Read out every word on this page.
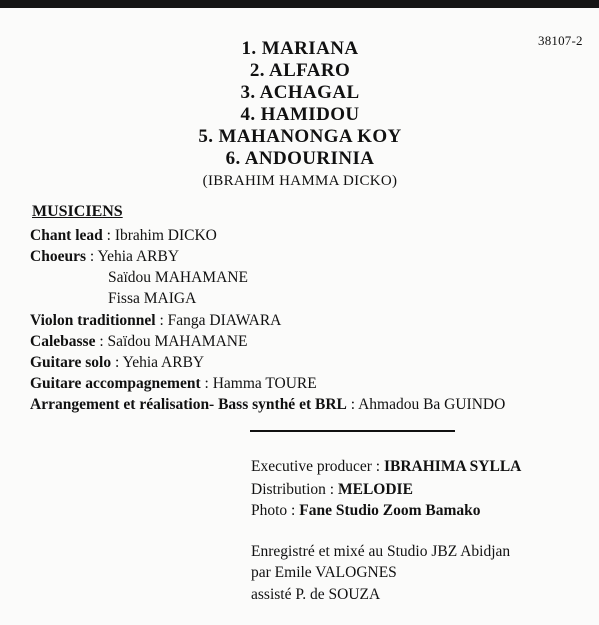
38107-2
1. MARIANA
2. ALFARO
3. ACHAGAL
4. HAMIDOU
5. MAHANONGA KOY
6. ANDOURINIA
(IBRAHIM HAMMA DICKO)
MUSICIENS
Chant lead : Ibrahim DICKO
Choeurs : Yehia ARBY
Saïdou MAHAMANE
Fissa MAIGA
Violon traditionnel : Fanga DIAWARA
Calebasse : Saïdou MAHAMANE
Guitare solo : Yehia ARBY
Guitare accompagnement : Hamma TOURE
Arrangement et réalisation- Bass synthé et BRL : Ahmadou Ba GUINDO
Executive producer : IBRAHIMA SYLLA
Distribution : MELODIE
Photo : Fane Studio Zoom Bamako
Enregistré et mixé au Studio JBZ Abidjan
par Emile VALOGNES
assisté P. de SOUZA
